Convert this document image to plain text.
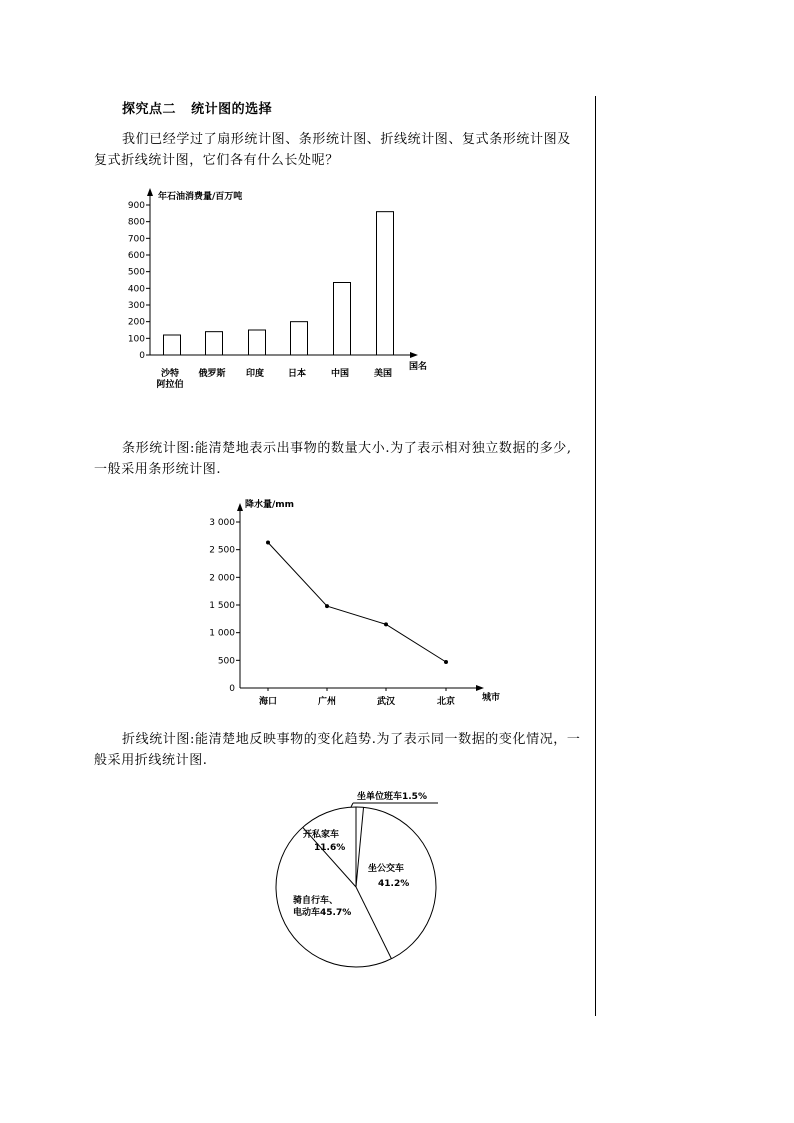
探究点二   统计图的选择
我们已经学过了扇形统计图、条形统计图、折线统计图、复式条形统计图及
复式折线统计图，它们各有什么长处呢？
条形统计图:能清楚地表示出事物的数量大小.为了表示相对独立数据的多少,
一般采用条形统计图.
折线统计图:能清楚地反映事物的变化趋势.为了表示同一数据的变化情况，一
般采用折线统计图.
年石油消费量/百万吨
国名
0
100
200
300
400
500
600
700
800
900
沙特
阿拉伯
俄罗斯 印度	日本	中国	美国
降水量/mm
城市
0
500
1 000
1 500
2 000
2 500
3 000
海口	广州	武汉	北京
坐单位班车1.5%
坐公交车
41.2%
骑自行车、
电动车45.7%
开私家车
11.6%
